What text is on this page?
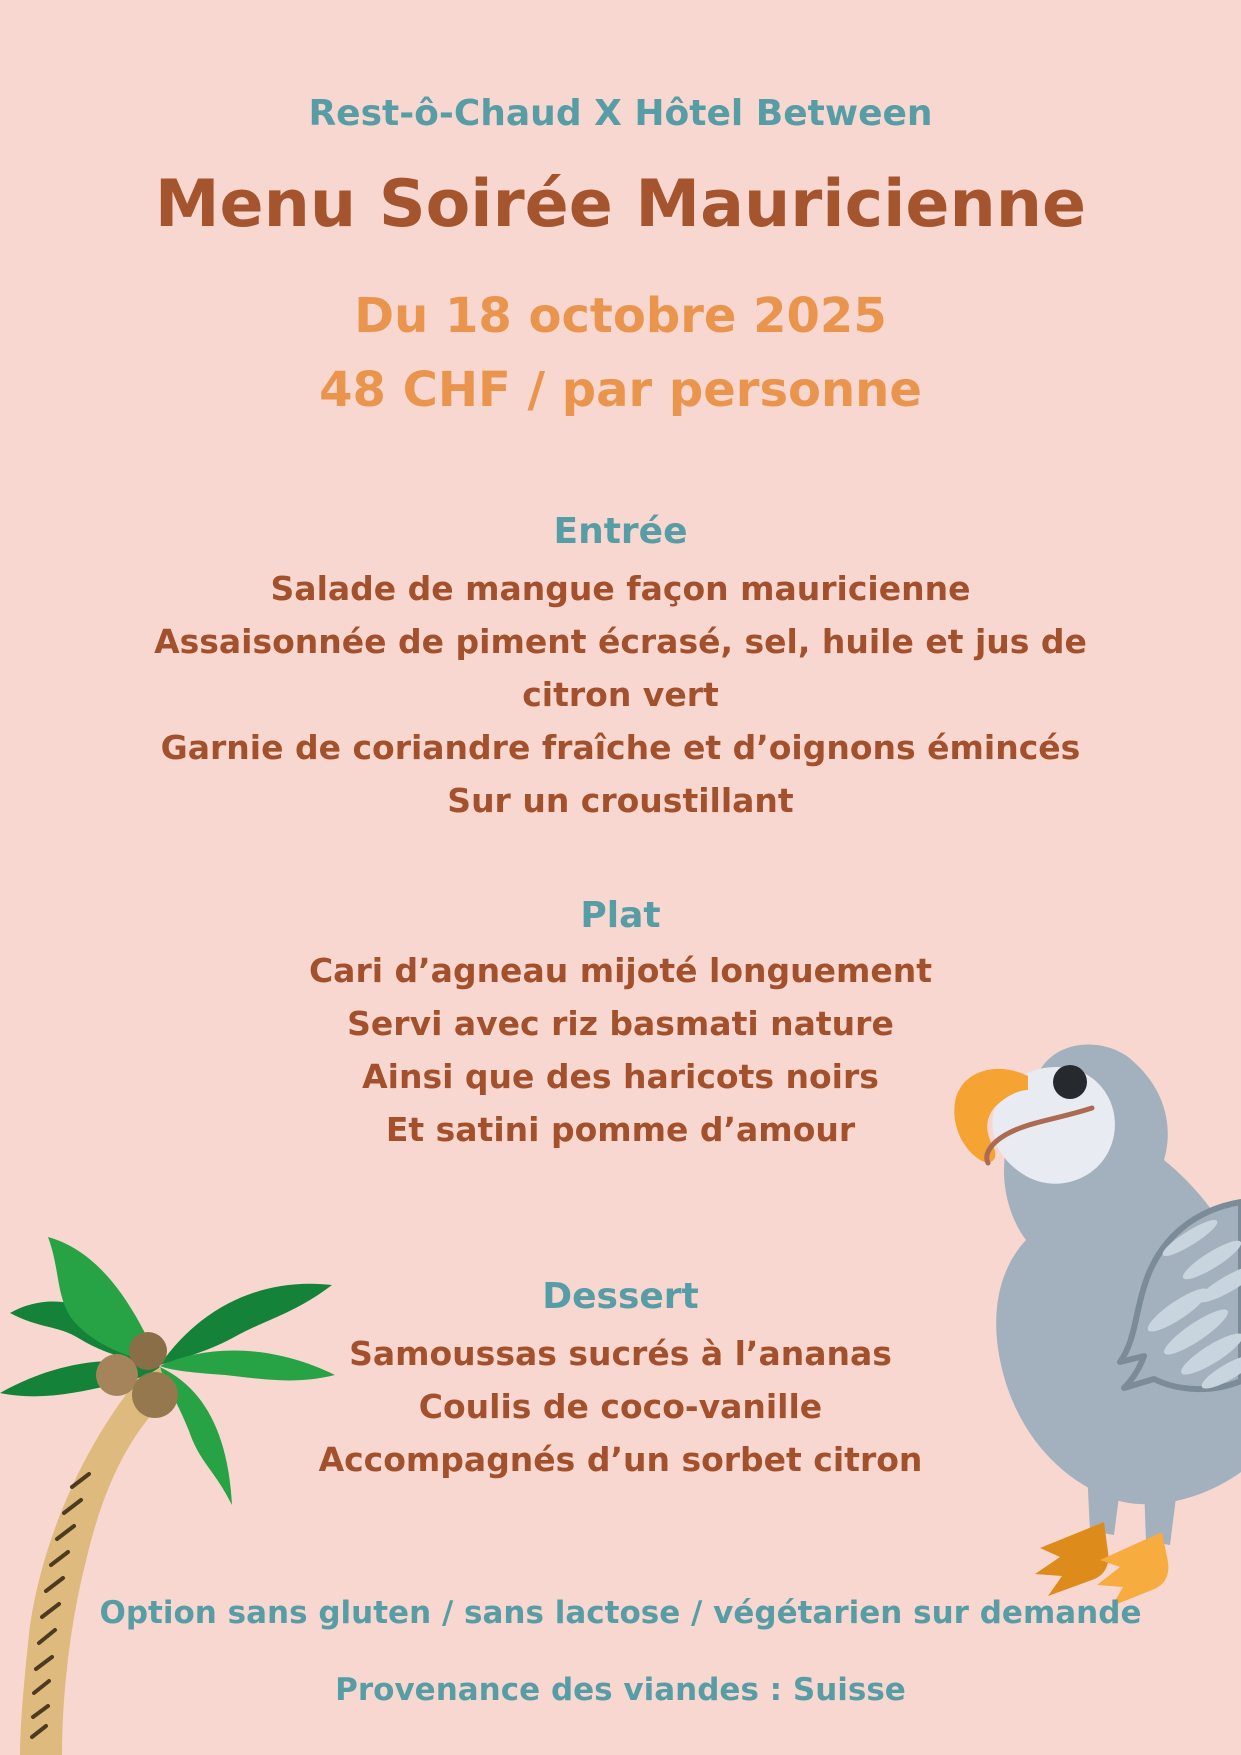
Rest-ô-Chaud X Hôtel Between
Menu Soirée Mauricienne
Du 18 octobre 2025
48 CHF / par personne
Entrée
Salade de mangue façon mauricienne
Assaisonnée de piment écrasé, sel, huile et jus de
citron vert
Garnie de coriandre fraîche et d’oignons émincés
Sur un croustillant
Plat
Cari d’agneau mijoté longuement
Servi avec riz basmati nature
Ainsi que des haricots noirs
Et satini pomme d’amour
Dessert
Samoussas sucrés à l’ananas
Coulis de coco-vanille
Accompagnés d’un sorbet citron
Option sans gluten / sans lactose / végétarien sur demande
Provenance des viandes : Suisse
